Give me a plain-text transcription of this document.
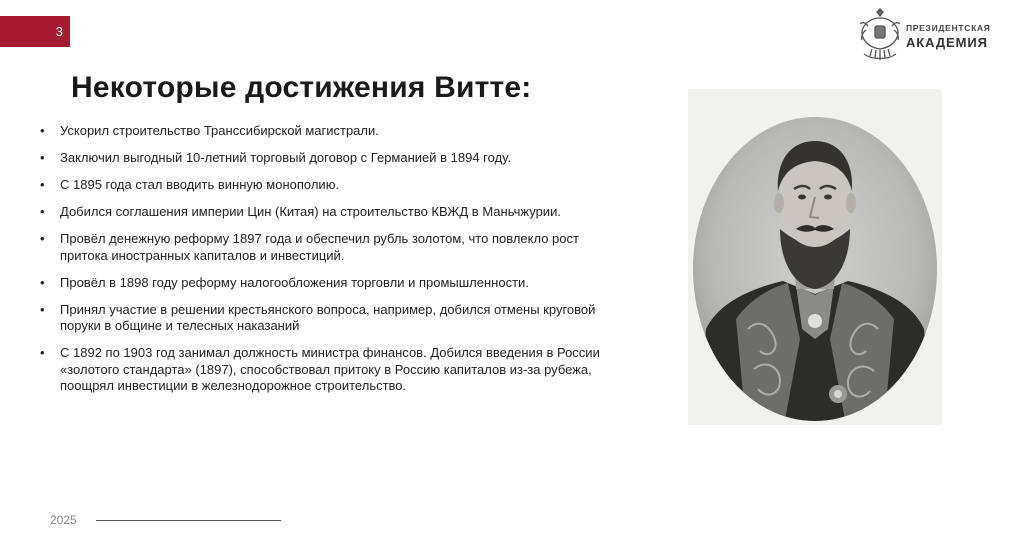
3	ПРЕЗИДЕНТСКАЯ
АКАДЕМИЯ
Некоторые достижения Витте:
• Ускорил строительство Транссибирской магистрали.
• Заключил выгодный 10-летний торговый договор с Германией в 1894 году.
• С 1895 года стал вводить винную монополию.
• Добился соглашения империи Цин (Китая) на строительство КВЖД в Маньчжурии.
• Провёл денежную реформу 1897 года и обеспечил рубль золотом, что повлекло рост притока иностранных капиталов и инвестиций.
• Провёл в 1898 году реформу налогообложения торговли и промышленности.
• Принял участие в решении крестьянского вопроса, например, добился отмены круговой поруки в общине и телесных наказаний
• С 1892 по 1903 год занимал должность министра финансов. Добился введения в России «золотого стандарта» (1897), способствовал притоку в Россию капиталов из-за рубежа, поощрял инвестиции в железнодорожное строительство.
2025
